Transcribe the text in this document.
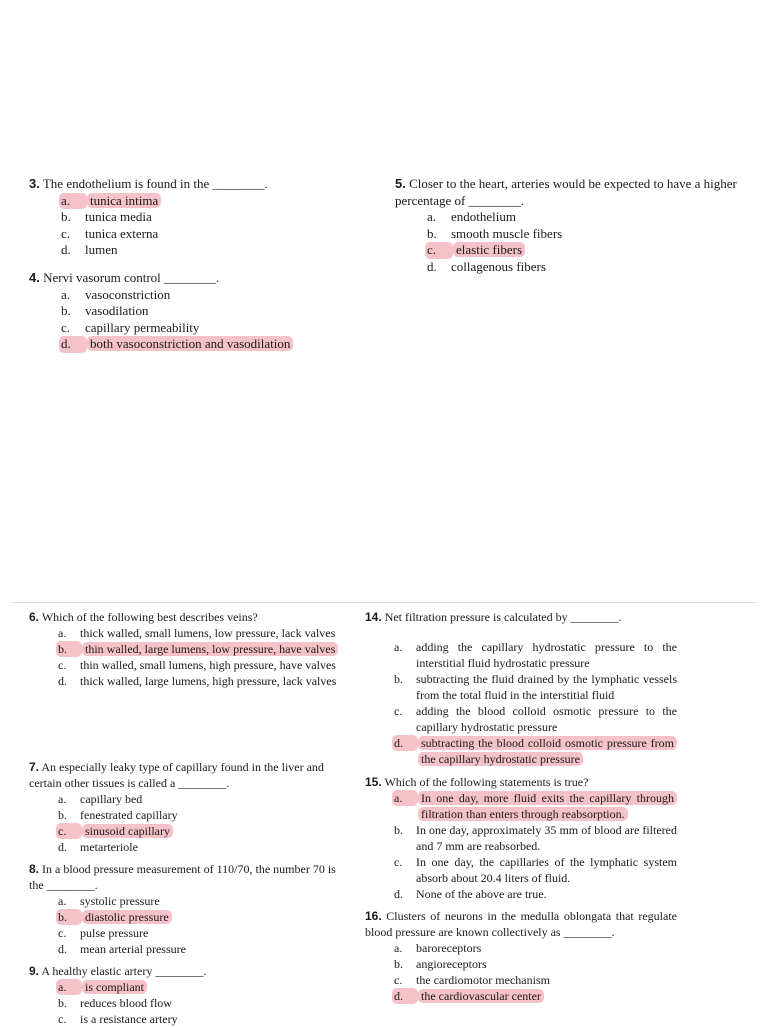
3. The endothelium is found in the ________.

a.	tunica intima
b.	tunica media
c.	tunica externa
d.	lumen

4. Nervi vasorum control ________.

a.	vasoconstriction
b.	vasodilation
c.	capillary permeability
d.	both vasoconstriction and vasodilation

5. Closer to the heart, arteries would be expected to have a higher percentage of ________.

a.	endothelium
b.	smooth muscle fibers
c.	elastic fibers
d.	collagenous fibers

6. Which of the following best describes veins?

a.	thick walled, small lumens, low pressure, lack valves
b.	thin walled, large lumens, low pressure, have valves
c.	thin walled, small lumens, high pressure, have valves
d.	thick walled, large lumens, high pressure, lack valves

7. An especially leaky type of capillary found in the liver and certain other tissues is called a ________.

a.	capillary bed
b.	fenestrated capillary
c.	sinusoid capillary
d.	metarteriole

8. In a blood pressure measurement of 110/70, the number 70 is the ________.

a.	systolic pressure
b.	diastolic pressure
c.	pulse pressure
d.	mean arterial pressure

9. A healthy elastic artery ________.

a.	is compliant
b.	reduces blood flow
c.	is a resistance artery

14. Net filtration pressure is calculated by ________.

a.	adding the capillary hydrostatic pressure to the interstitial fluid hydrostatic pressure
b.	subtracting the fluid drained by the lymphatic vessels from the total fluid in the interstitial fluid
c.	adding the blood colloid osmotic pressure to the capillary hydrostatic pressure
d.	subtracting the blood colloid osmotic pressure from the capillary hydrostatic pressure

15. Which of the following statements is true?

a.	In one day, more fluid exits the capillary through filtration than enters through reabsorption.
b.	In one day, approximately 35 mm of blood are filtered and 7 mm are reabsorbed.
c.	In one day, the capillaries of the lymphatic system absorb about 20.4 liters of fluid.
d.	None of the above are true.

16. Clusters of neurons in the medulla oblongata that regulate blood pressure are known collectively as ________.

a.	baroreceptors
b.	angioreceptors
c.	the cardiomotor mechanism
d.	the cardiovascular center
